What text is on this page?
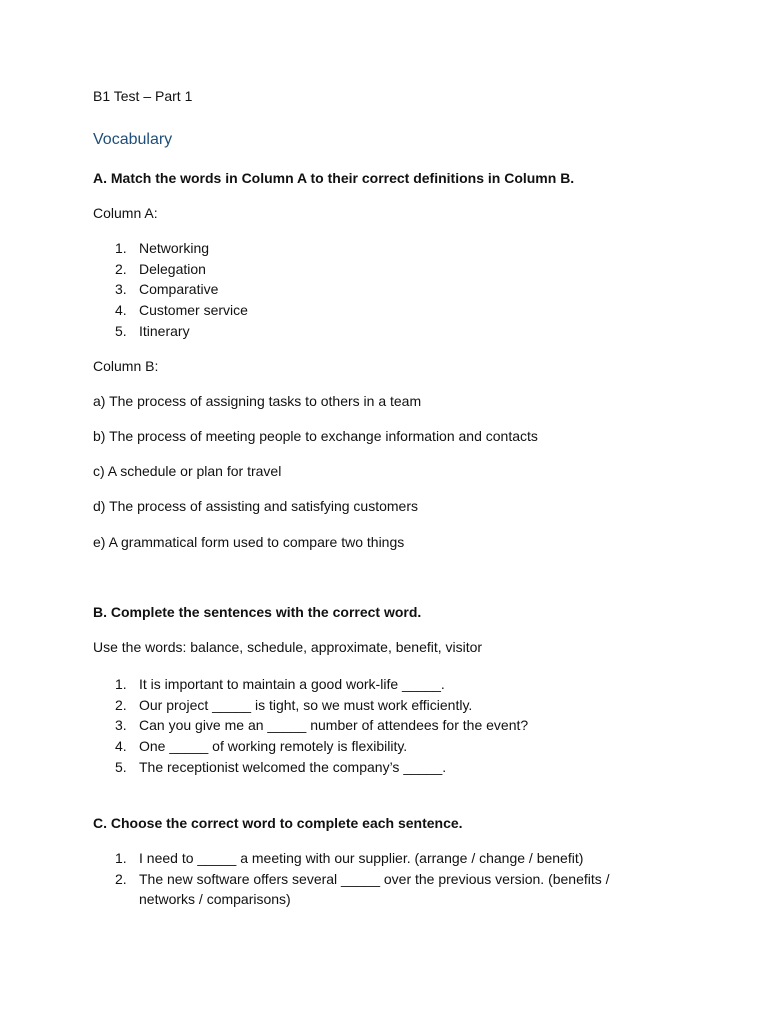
B1 Test – Part 1
Vocabulary
A. Match the words in Column A to their correct definitions in Column B.
Column A:
1. Networking
2. Delegation
3. Comparative
4. Customer service
5. Itinerary
Column B:
a) The process of assigning tasks to others in a team
b) The process of meeting people to exchange information and contacts
c) A schedule or plan for travel
d) The process of assisting and satisfying customers
e) A grammatical form used to compare two things
B. Complete the sentences with the correct word.
Use the words: balance, schedule, approximate, benefit, visitor
1. It is important to maintain a good work-life _____.
2. Our project _____ is tight, so we must work efficiently.
3. Can you give me an _____ number of attendees for the event?
4. One _____ of working remotely is flexibility.
5. The receptionist welcomed the company’s _____.
C. Choose the correct word to complete each sentence.
1. I need to _____ a meeting with our supplier. (arrange / change / benefit)
2. The new software offers several _____ over the previous version. (benefits / networks / comparisons)
